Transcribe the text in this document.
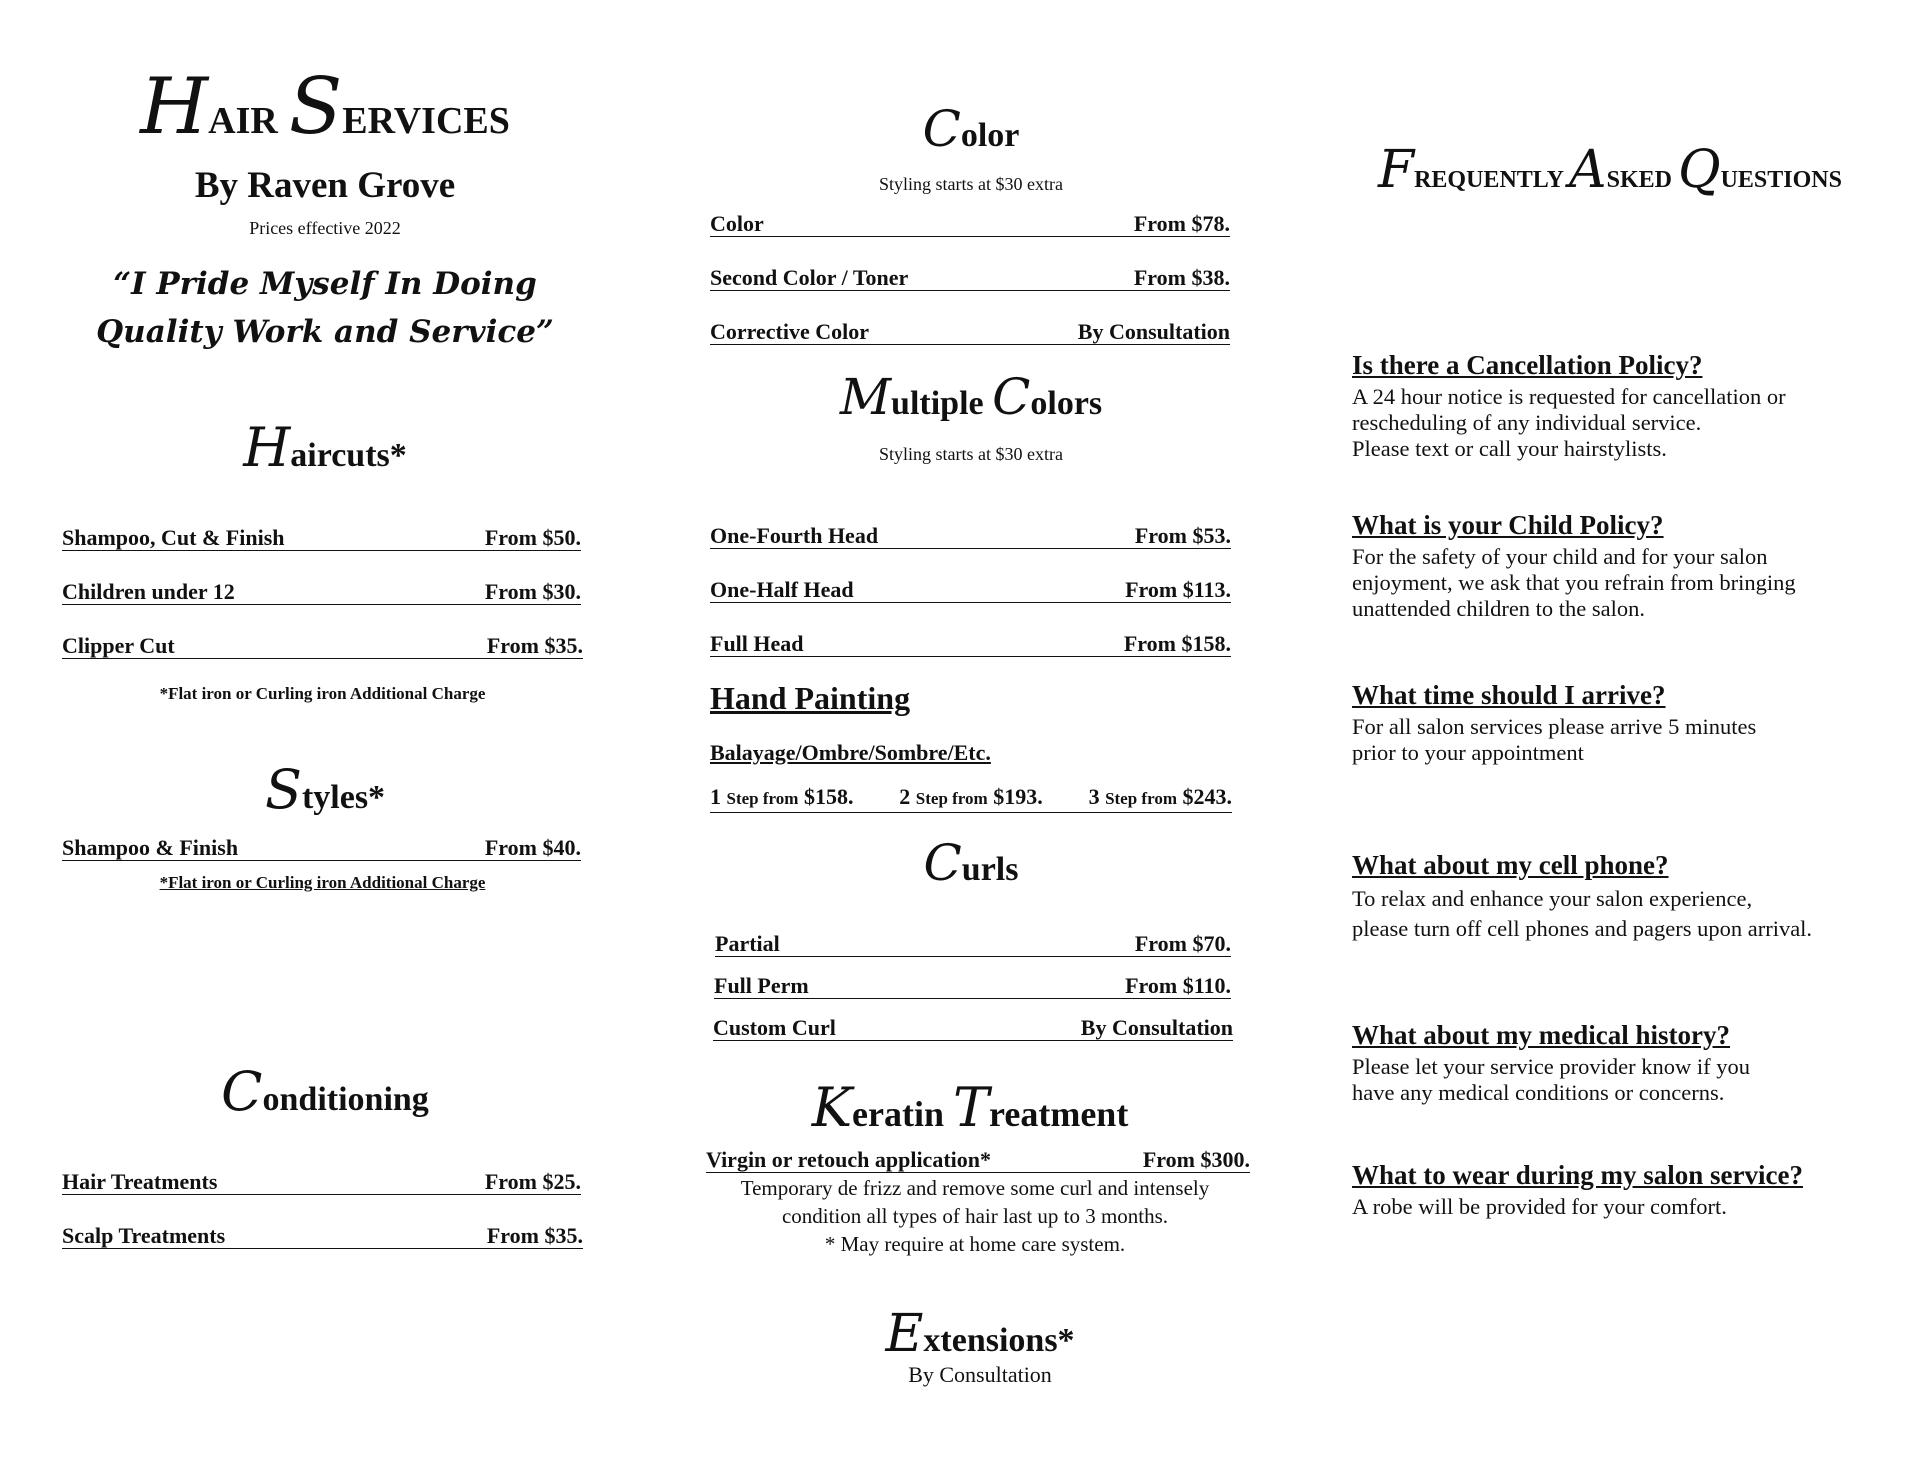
HAIR SERVICES
By Raven Grove
Prices effective 2022
“I Pride Myself In Doing
Quality Work and Service”
Haircuts*
Shampoo, Cut & Finish	From $50.
Children under 12	From $30.
Clipper Cut	From $35.
*Flat iron or Curling iron Additional Charge
Styles*
Shampoo & Finish	From $40.
*Flat iron or Curling iron Additional Charge
Conditioning
Hair Treatments	From $25.
Scalp Treatments	From $35.
Color
Styling starts at $30 extra
Color	From $78.
Second Color / Toner	From $38.
Corrective Color	By Consultation
Multiple Colors
Styling starts at $30 extra
One-Fourth Head	From $53.
One-Half Head	From $113.
Full Head	From $158.
Hand Painting
Balayage/Ombre/Sombre/Etc.
1 Step from $158. 2 Step from $193. 3 Step from $243.
Curls
Partial	From $70.
Full Perm	From $110.
Custom Curl	By Consultation
Keratin Treatment
Virgin or retouch application*	From $300.
Temporary de frizz and remove some curl and intensely
condition all types of hair last up to 3 months.
* May require at home care system.
Extensions*
By Consultation
FREQUENTLY ASKED QUESTIONS
Is there a Cancellation Policy?
A 24 hour notice is requested for cancellation or
rescheduling of any individual service.
Please text or call your hairstylists.
What is your Child Policy?
For the safety of your child and for your salon
enjoyment, we ask that you refrain from bringing
unattended children to the salon.
What time should I arrive?
For all salon services please arrive 5 minutes
prior to your appointment
What about my cell phone?
To relax and enhance your salon experience,
please turn off cell phones and pagers upon arrival.
What about my medical history?
Please let your service provider know if you
have any medical conditions or concerns.
What to wear during my salon service?
A robe will be provided for your comfort.
